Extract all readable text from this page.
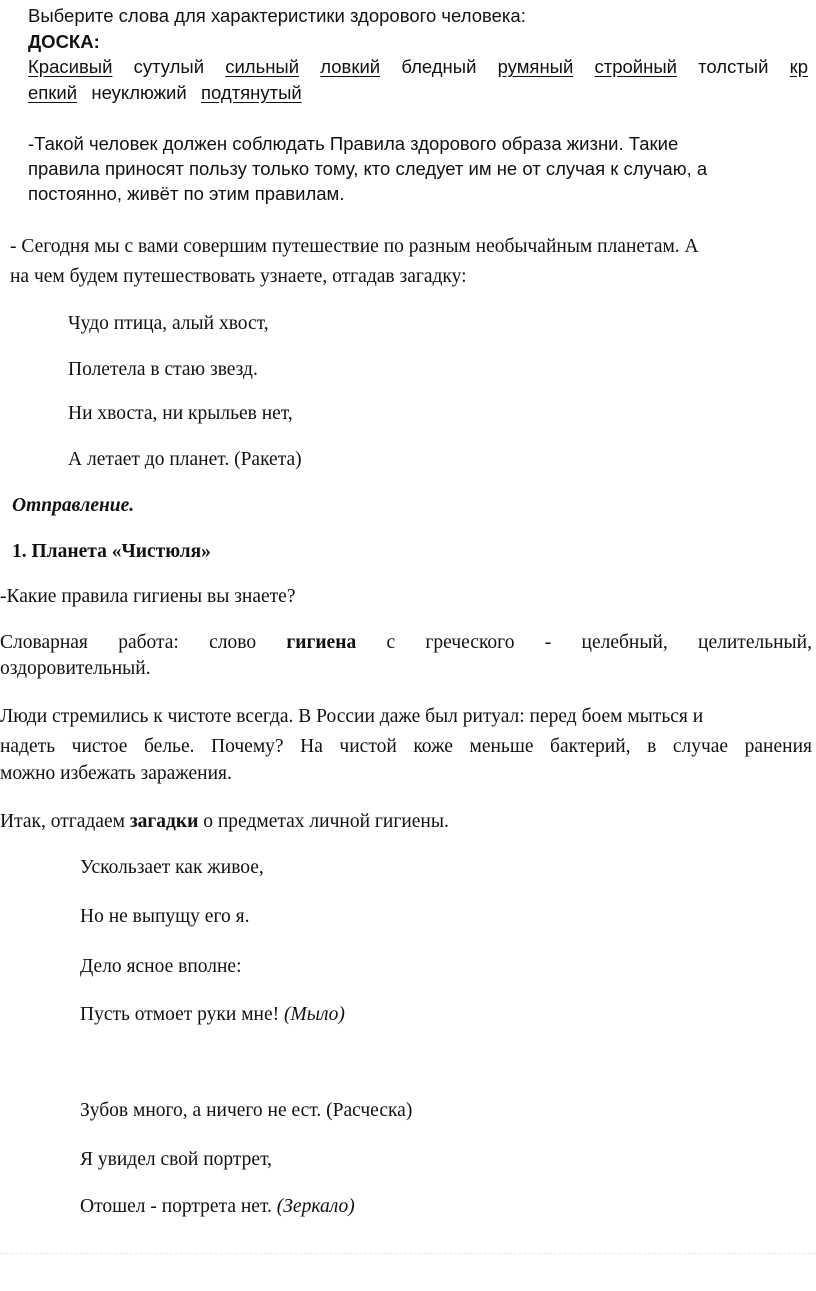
Выберите слова для характеристики здорового человека:
ДОСКА:
Красивый сутулый сильный ловкий бледный румяный стройный толстый кр
епкий неуклюжий подтянутый
-Такой человек должен соблюдать Правила здорового образа жизни. Такие
правила приносят пользу только тому, кто следует им не от случая к случаю, а
постоянно, живёт по этим правилам.
- Сегодня мы с вами совершим путешествие по разным необычайным планетам. А
на чем будем путешествовать узнаете, отгадав загадку:
Чудо птица, алый хвост,
Полетела в стаю звезд.
Ни хвоста, ни крыльев нет,
А летает до планет. (Ракета)
Отправление.
1. Планета «Чистюля»
-Какие правила гигиены вы знаете?
Словарная работа: слово гигиена с греческого - целебный, целительный,
оздоровительный.
Люди стремились к чистоте всегда. В России даже был ритуал: перед боем мыться и
надеть чистое белье. Почему? На чистой коже меньше бактерий, в случае ранения
можно избежать заражения.
Итак, отгадаем загадки о предметах личной гигиены.
Ускользает как живое,
Но не выпущу его я.
Дело ясное вполне:
Пусть отмоет руки мне! (Мыло)
Зубов много, а ничего не ест. (Расческа)
Я увидел свой портрет,
Отошел - портрета нет. (Зеркало)
